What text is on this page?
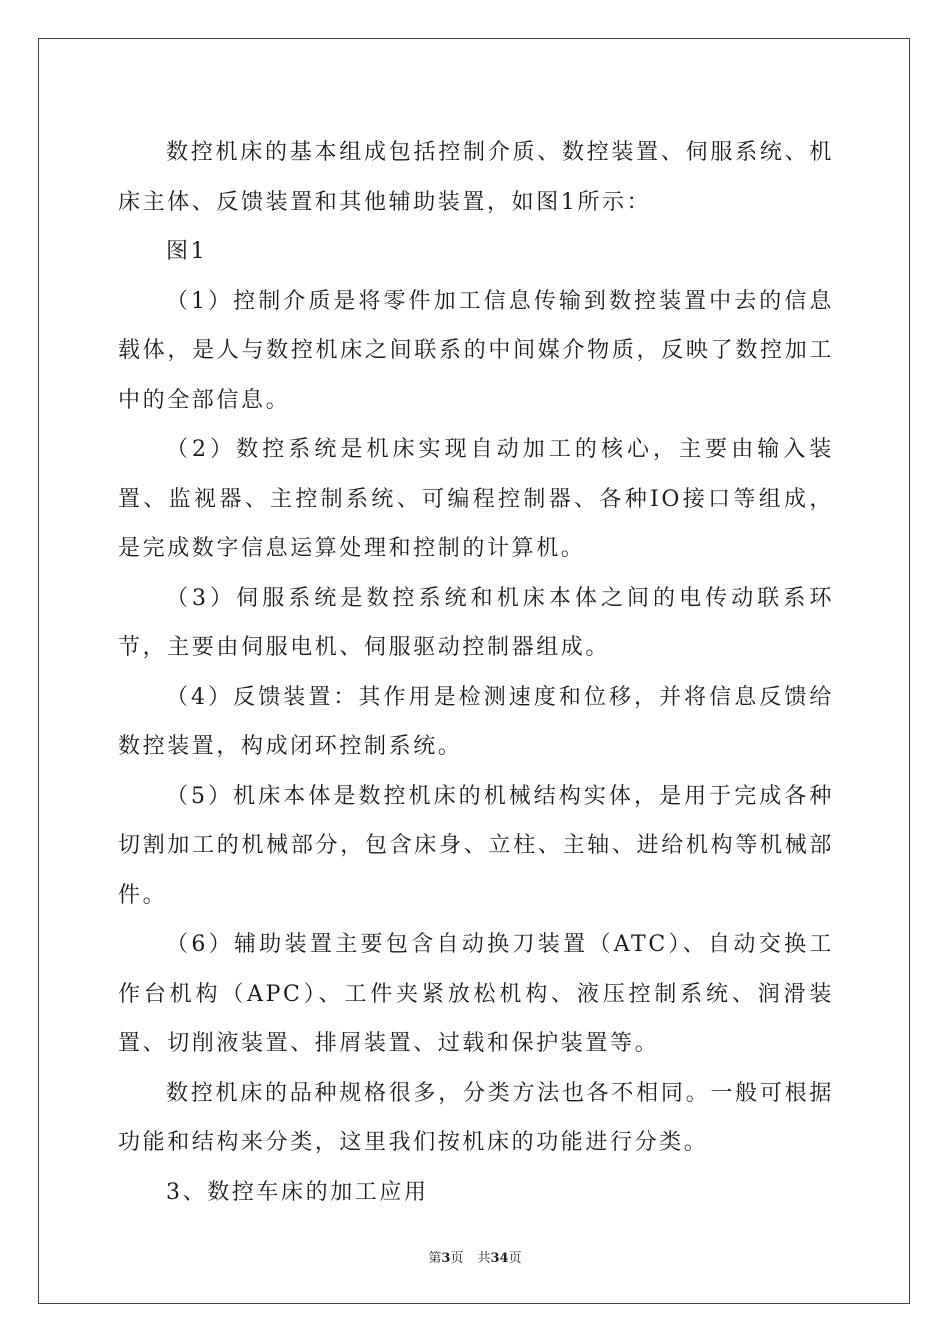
数控机床的基本组成包括控制介质、数控装置、伺服系统、机床主体、反馈装置和其他辅助装置，如图1所示：

图1

（1）控制介质是将零件加工信息传输到数控装置中去的信息载体，是人与数控机床之间联系的中间媒介物质，反映了数控加工中的全部信息。

（2）数控系统是机床实现自动加工的核心，主要由输入装置、监视器、主控制系统、可编程控制器、各种IO接口等组成，是完成数字信息运算处理和控制的计算机。

（3）伺服系统是数控系统和机床本体之间的电传动联系环节，主要由伺服电机、伺服驱动控制器组成。

（4）反馈装置：其作用是检测速度和位移，并将信息反馈给数控装置，构成闭环控制系统。

（5）机床本体是数控机床的机械结构实体，是用于完成各种切割加工的机械部分，包含床身、立柱、主轴、进给机构等机械部件。

（6）辅助装置主要包含自动换刀装置（ATC）、自动交换工作台机构（APC）、工件夹紧放松机构、液压控制系统、润滑装置、切削液装置、排屑装置、过载和保护装置等。

数控机床的品种规格很多，分类方法也各不相同。一般可根据功能和结构来分类，这里我们按机床的功能进行分类。

3、数控车床的加工应用

第3页 共34页
